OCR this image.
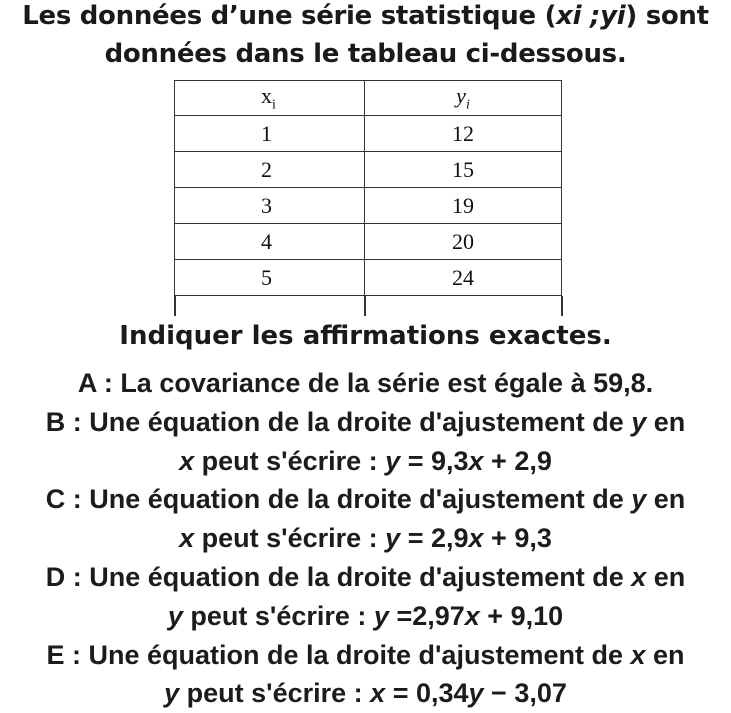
Les données d’une série statistique (xi ;yi) sont
données dans le tableau ci-dessous.
$x_i$	$y_i$
1	12
2	15
3	19
4	20
5	24
Indiquer les affirmations exactes.
A : La covariance de la série est égale à 59,8.
B : Une équation de la droite d'ajustement de y en
x peut s'écrire : y = 9,3x + 2,9
C : Une équation de la droite d'ajustement de y en
x peut s'écrire : y = 2,9x + 9,3
D : Une équation de la droite d'ajustement de x en
y peut s'écrire : y =2,97x + 9,10
E : Une équation de la droite d'ajustement de x en
y peut s'écrire : x = 0,34y − 3,07
